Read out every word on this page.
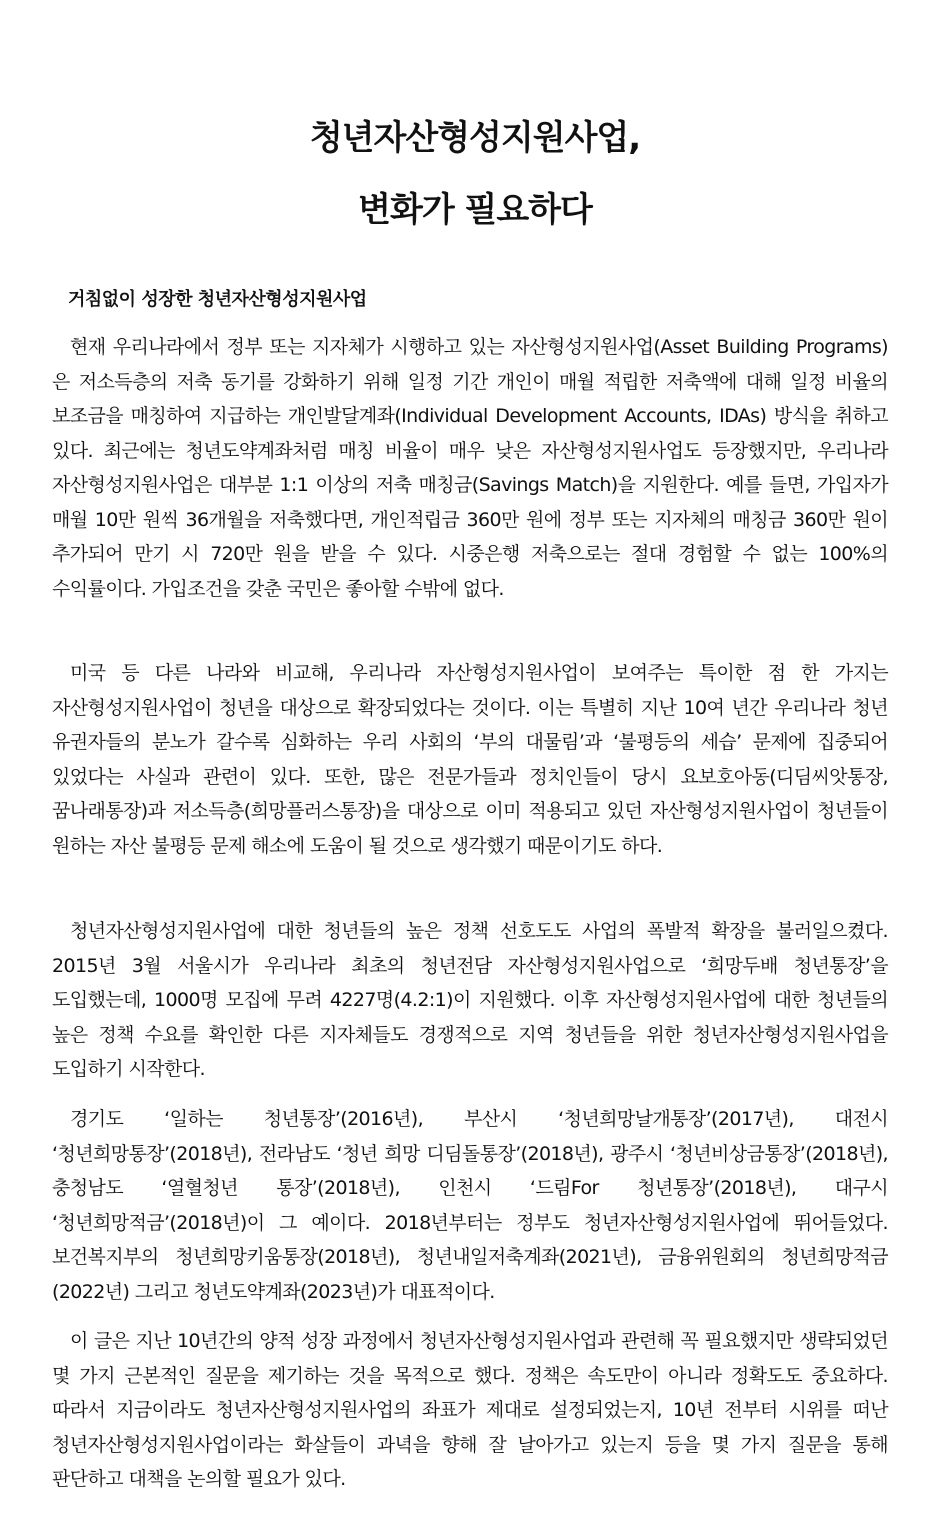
청년자산형성지원사업,
변화가 필요하다
거침없이 성장한 청년자산형성지원사업

현재 우리나라에서 정부 또는 지자체가 시행하고 있는 자산형성지원사업(Asset Building Programs)은 저소득층의 저축 동기를 강화하기 위해 일정 기간 개인이 매월 적립한 저축액에 대해 일정 비율의 보조금을 매칭하여 지급하는 개인발달계좌(Individual Development Accounts, IDAs) 방식을 취하고 있다. 최근에는 청년도약계좌처럼 매칭 비율이 매우 낮은 자산형성지원사업도 등장했지만, 우리나라 자산형성지원사업은 대부분 1:1 이상의 저축 매칭금(Savings Match)을 지원한다. 예를 들면, 가입자가 매월 10만 원씩 36개월을 저축했다면, 개인적립금 360만 원에 정부 또는 지자체의 매칭금 360만 원이 추가되어 만기 시 720만 원을 받을 수 있다. 시중은행 저축으로는 절대 경험할 수 없는 100%의 수익률이다. 가입조건을 갖춘 국민은 좋아할 수밖에 없다.

미국 등 다른 나라와 비교해, 우리나라 자산형성지원사업이 보여주는 특이한 점 한 가지는 자산형성지원사업이 청년을 대상으로 확장되었다는 것이다. 이는 특별히 지난 10여 년간 우리나라 청년 유권자들의 분노가 갈수록 심화하는 우리 사회의 ‘부의 대물림’과 ‘불평등의 세습’ 문제에 집중되어 있었다는 사실과 관련이 있다. 또한, 많은 전문가들과 정치인들이 당시 요보호아동(디딤씨앗통장, 꿈나래통장)과 저소득층(희망플러스통장)을 대상으로 이미 적용되고 있던 자산형성지원사업이 청년들이 원하는 자산 불평등 문제 해소에 도움이 될 것으로 생각했기 때문이기도 하다.

청년자산형성지원사업에 대한 청년들의 높은 정책 선호도도 사업의 폭발적 확장을 불러일으켰다. 2015년 3월 서울시가 우리나라 최초의 청년전담 자산형성지원사업으로 ‘희망두배 청년통장’을 도입했는데, 1000명 모집에 무려 4227명(4.2:1)이 지원했다. 이후 자산형성지원사업에 대한 청년들의 높은 정책 수요를 확인한 다른 지자체들도 경쟁적으로 지역 청년들을 위한 청년자산형성지원사업을 도입하기 시작한다.

경기도 ‘일하는 청년통장’(2016년), 부산시 ‘청년희망날개통장’(2017년), 대전시 ‘청년희망통장’(2018년), 전라남도 ‘청년 희망 디딤돌통장’(2018년), 광주시 ‘청년비상금통장’(2018년), 충청남도 ‘열혈청년 통장’(2018년), 인천시 ‘드림For 청년통장’(2018년), 대구시 ‘청년희망적금’(2018년)이 그 예이다. 2018년부터는 정부도 청년자산형성지원사업에 뛰어들었다. 보건복지부의 청년희망키움통장(2018년), 청년내일저축계좌(2021년), 금융위원회의 청년희망적금(2022년) 그리고 청년도약계좌(2023년)가 대표적이다.

이 글은 지난 10년간의 양적 성장 과정에서 청년자산형성지원사업과 관련해 꼭 필요했지만 생략되었던 몇 가지 근본적인 질문을 제기하는 것을 목적으로 했다. 정책은 속도만이 아니라 정확도도 중요하다. 따라서 지금이라도 청년자산형성지원사업의 좌표가 제대로 설정되었는지, 10년 전부터 시위를 떠난 청년자산형성지원사업이라는 화살들이 과녁을 향해 잘 날아가고 있는지 등을 몇 가지 질문을 통해 판단하고 대책을 논의할 필요가 있다.
